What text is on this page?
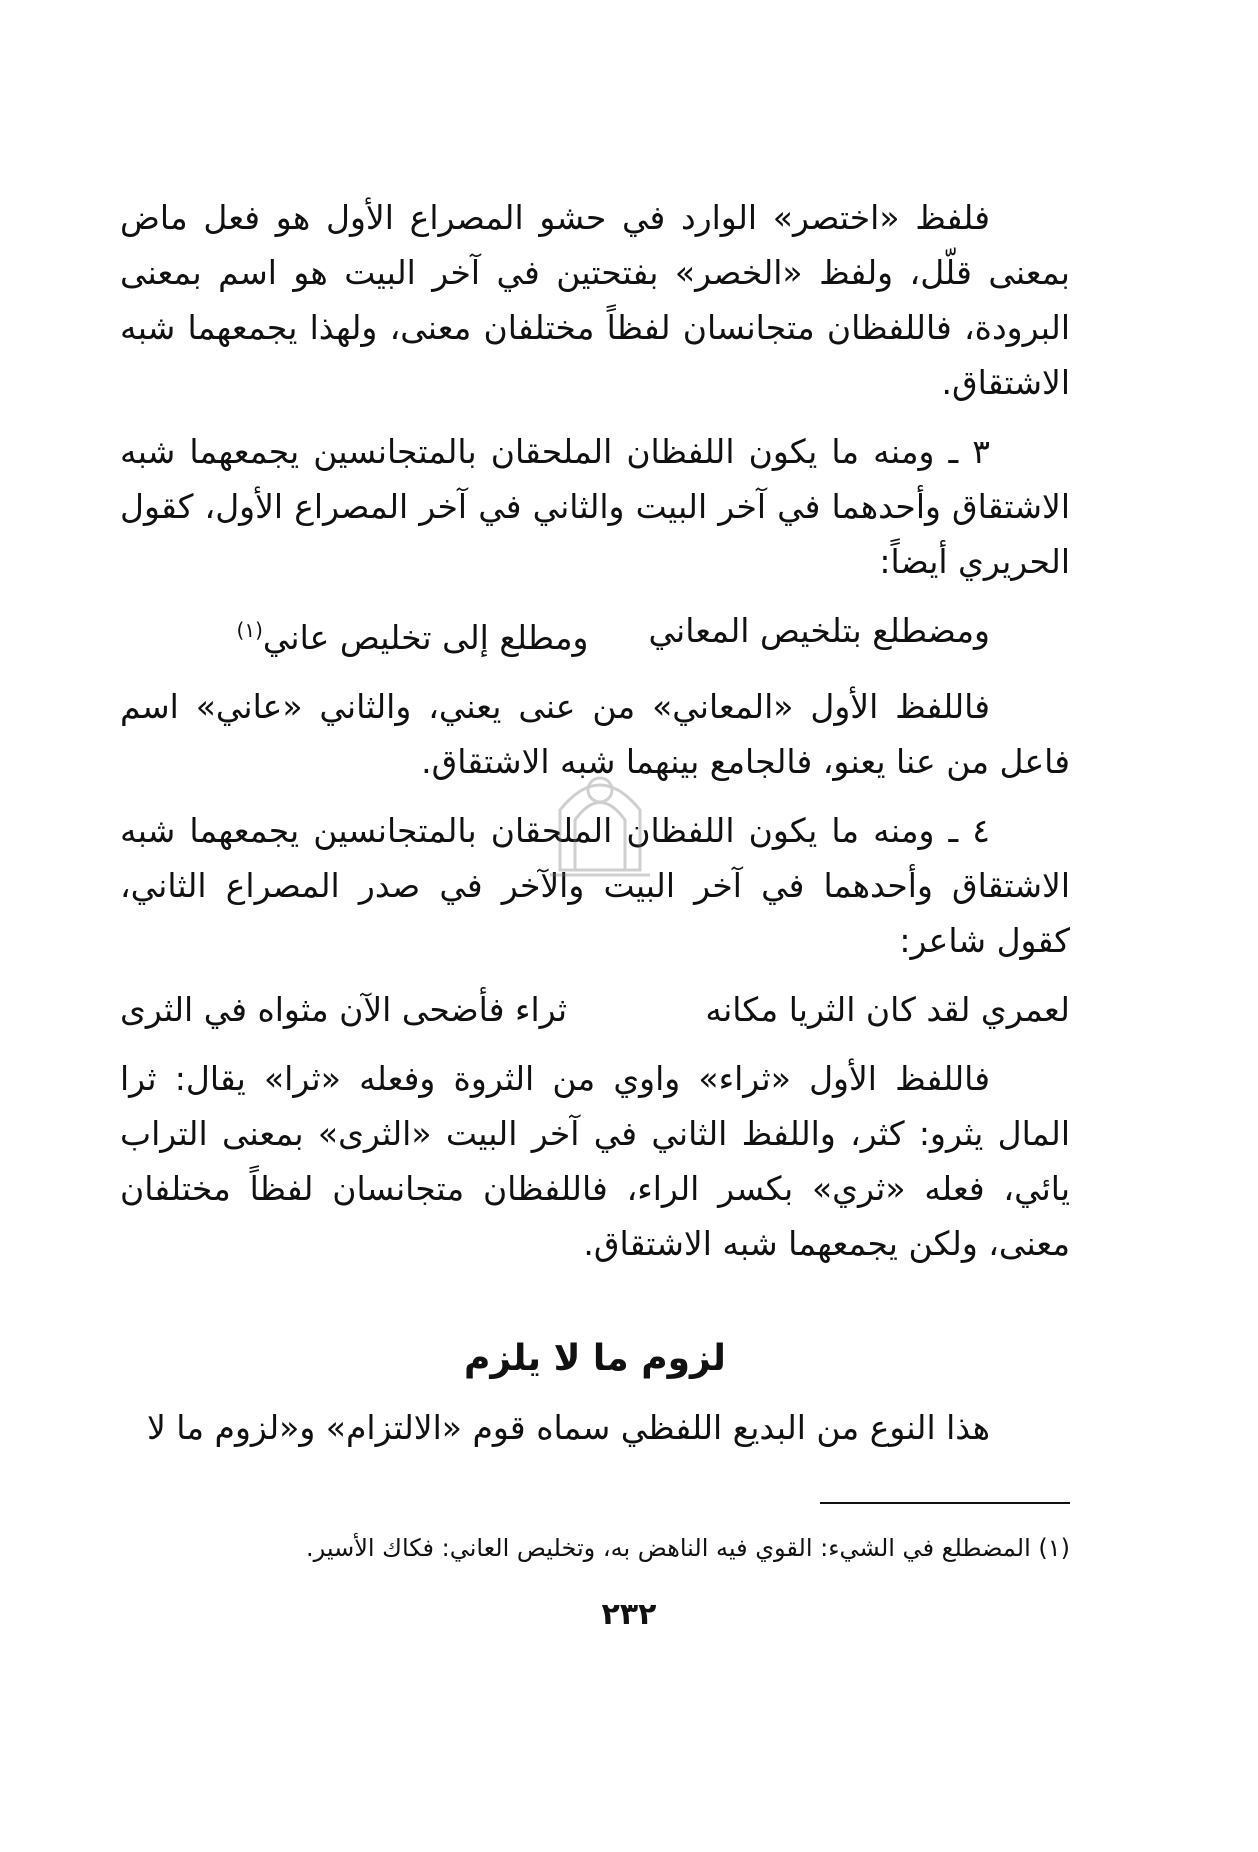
فلفظ «اختصر» الوارد في حشو المصراع الأول هو فعل ماض بمعنى قلّل، ولفظ «الخصر» بفتحتين في آخر البيت هو اسم بمعنى البرودة، فاللفظان متجانسان لفظاً مختلفان معنى، ولهذا يجمعهما شبه الاشتقاق.

٣ ـ ومنه ما يكون اللفظان الملحقان بالمتجانسين يجمعهما شبه الاشتقاق وأحدهما في آخر البيت والثاني في آخر المصراع الأول، كقول الحريري أيضاً:

ومضطلع بتلخيص المعاني
ومطلع إلى تخليص عاني$^{(١)}$

فاللفظ الأول «المعاني» من عنى يعني، والثاني «عاني» اسم فاعل من عنا يعنو، فالجامع بينهما شبه الاشتقاق.

٤ ـ ومنه ما يكون اللفظان الملحقان بالمتجانسين يجمعهما شبه الاشتقاق وأحدهما في آخر البيت والآخر في صدر المصراع الثاني، كقول شاعر:

لعمري لقد كان الثريا مكانه
ثراء فأضحى الآن مثواه في الثرى

فاللفظ الأول «ثراء» واوي من الثروة وفعله «ثرا» يقال: ثرا المال يثرو: كثر، واللفظ الثاني في آخر البيت «الثرى» بمعنى التراب يائي، فعله «ثري» بكسر الراء، فاللفظان متجانسان لفظاً مختلفان معنى، ولكن يجمعهما شبه الاشتقاق.

لزوم ما لا يلزم

هذا النوع من البديع اللفظي سماه قوم «الالتزام» و«لزوم ما لا

(١) المضطلع في الشيء: القوي فيه الناهض به، وتخليص العاني: فكاك الأسير.
٢٣٢
